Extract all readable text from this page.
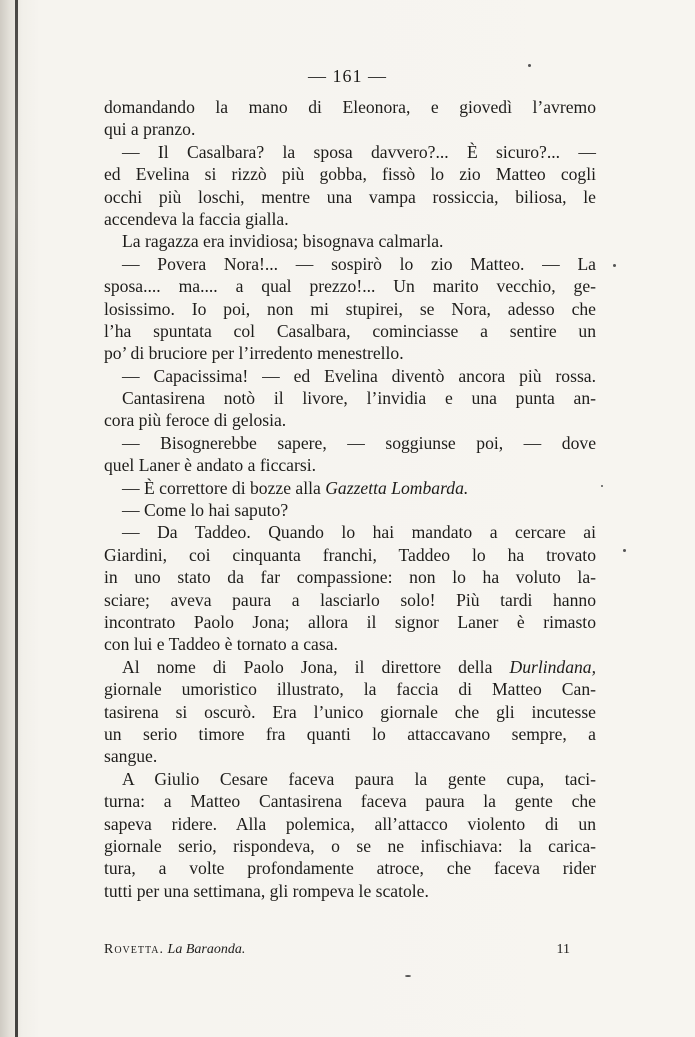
— 161 —
domandando la mano di Eleonora, e giovedì l’avremo
qui a pranzo.
— Il Casalbara? la sposa davvero?... È sicuro?... —
ed Evelina si rizzò più gobba, fissò lo zio Matteo cogli
occhi più loschi, mentre una vampa rossiccia, biliosa, le
accendeva la faccia gialla.
La ragazza era invidiosa; bisognava calmarla.
— Povera Nora!... — sospirò lo zio Matteo. — La
sposa.... ma.... a qual prezzo!... Un marito vecchio, ge-
losissimo. Io poi, non mi stupirei, se Nora, adesso che
l’ha spuntata col Casalbara, cominciasse a sentire un
po’ di bruciore per l’irredento menestrello.
— Capacissima! — ed Evelina diventò ancora più rossa.
Cantasirena notò il livore, l’invidia e una punta an-
cora più feroce di gelosia.
— Bisognerebbe sapere, — soggiunse poi, — dove
quel Laner è andato a ficcarsi.
— È correttore di bozze alla Gazzetta Lombarda.
— Come lo hai saputo?
— Da Taddeo. Quando lo hai mandato a cercare ai
Giardini, coi cinquanta franchi, Taddeo lo ha trovato
in uno stato da far compassione: non lo ha voluto la-
sciare; aveva paura a lasciarlo solo! Più tardi hanno
incontrato Paolo Jona; allora il signor Laner è rimasto
con lui e Taddeo è tornato a casa.
Al nome di Paolo Jona, il direttore della Durlindana,
giornale umoristico illustrato, la faccia di Matteo Can-
tasirena si oscurò. Era l’unico giornale che gli incutesse
un serio timore fra quanti lo attaccavano sempre, a
sangue.
A Giulio Cesare faceva paura la gente cupa, taci-
turna: a Matteo Cantasirena faceva paura la gente che
sapeva ridere. Alla polemica, all’attacco violento di un
giornale serio, rispondeva, o se ne infischiava: la carica-
tura, a volte profondamente atroce, che faceva rider
tutti per una settimana, gli rompeva le scatole.
Rovetta. La Baraonda.	11
